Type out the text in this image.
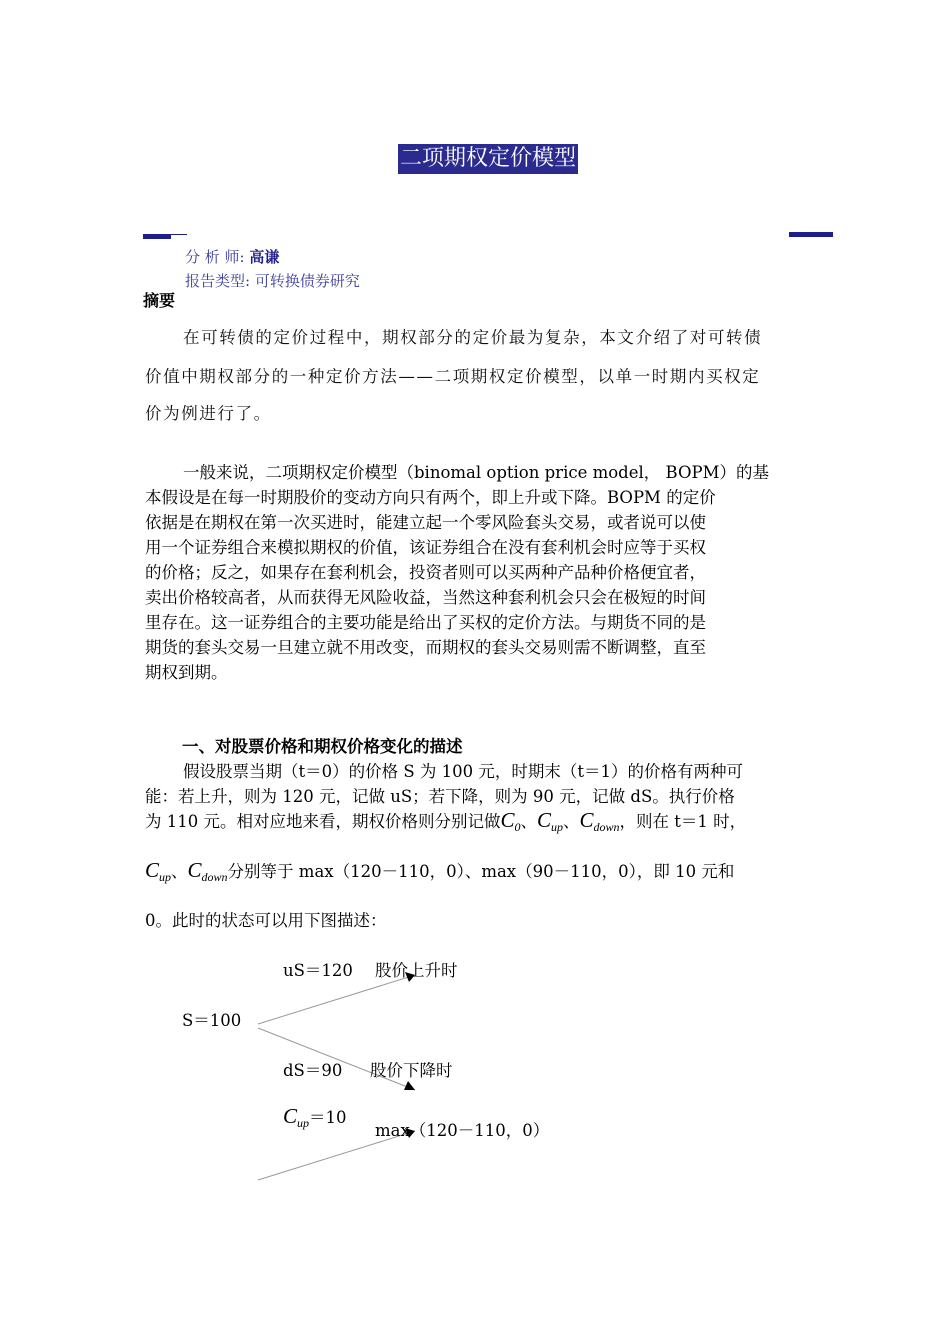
二项期权定价模型
分 析 师: 高谦
报告类型: 可转换债券研究
摘要
在可转债的定价过程中，期权部分的定价最为复杂，本文介绍了对可转债
价值中期权部分的一种定价方法——二项期权定价模型，以单一时期内买权定
价为例进行了。
一般来说，二项期权定价模型（binomal option price model， BOPM）的基
本假设是在每一时期股价的变动方向只有两个，即上升或下降。BOPM 的定价
依据是在期权在第一次买进时，能建立起一个零风险套头交易，或者说可以使
用一个证券组合来模拟期权的价值，该证券组合在没有套利机会时应等于买权
的价格；反之，如果存在套利机会，投资者则可以买两种产品种价格便宜者，
卖出价格较高者，从而获得无风险收益，当然这种套利机会只会在极短的时间
里存在。这一证券组合的主要功能是给出了买权的定价方法。与期货不同的是
期货的套头交易一旦建立就不用改变，而期权的套头交易则需不断调整，直至
期权到期。
一、对股票价格和期权价格变化的描述
假设股票当期（t＝0）的价格 S 为 100 元，时期末（t＝1）的价格有两种可
能：若上升，则为 120 元，记做 uS；若下降，则为 90 元，记做 dS。执行价格
为 110 元。相对应地来看，期权价格则分别记做$C_0$、$C_{up}$、$C_{down}$，则在 t＝1 时，
$C_{up}$、$C_{down}$分别等于 max（120－110，0）、max（90－110，0），即 10 元和
0。此时的状态可以用下图描述：
uS＝120 股价上升时
S＝100
dS＝90 股价下降时
$C_{up}=10$
max（120－110，0）
